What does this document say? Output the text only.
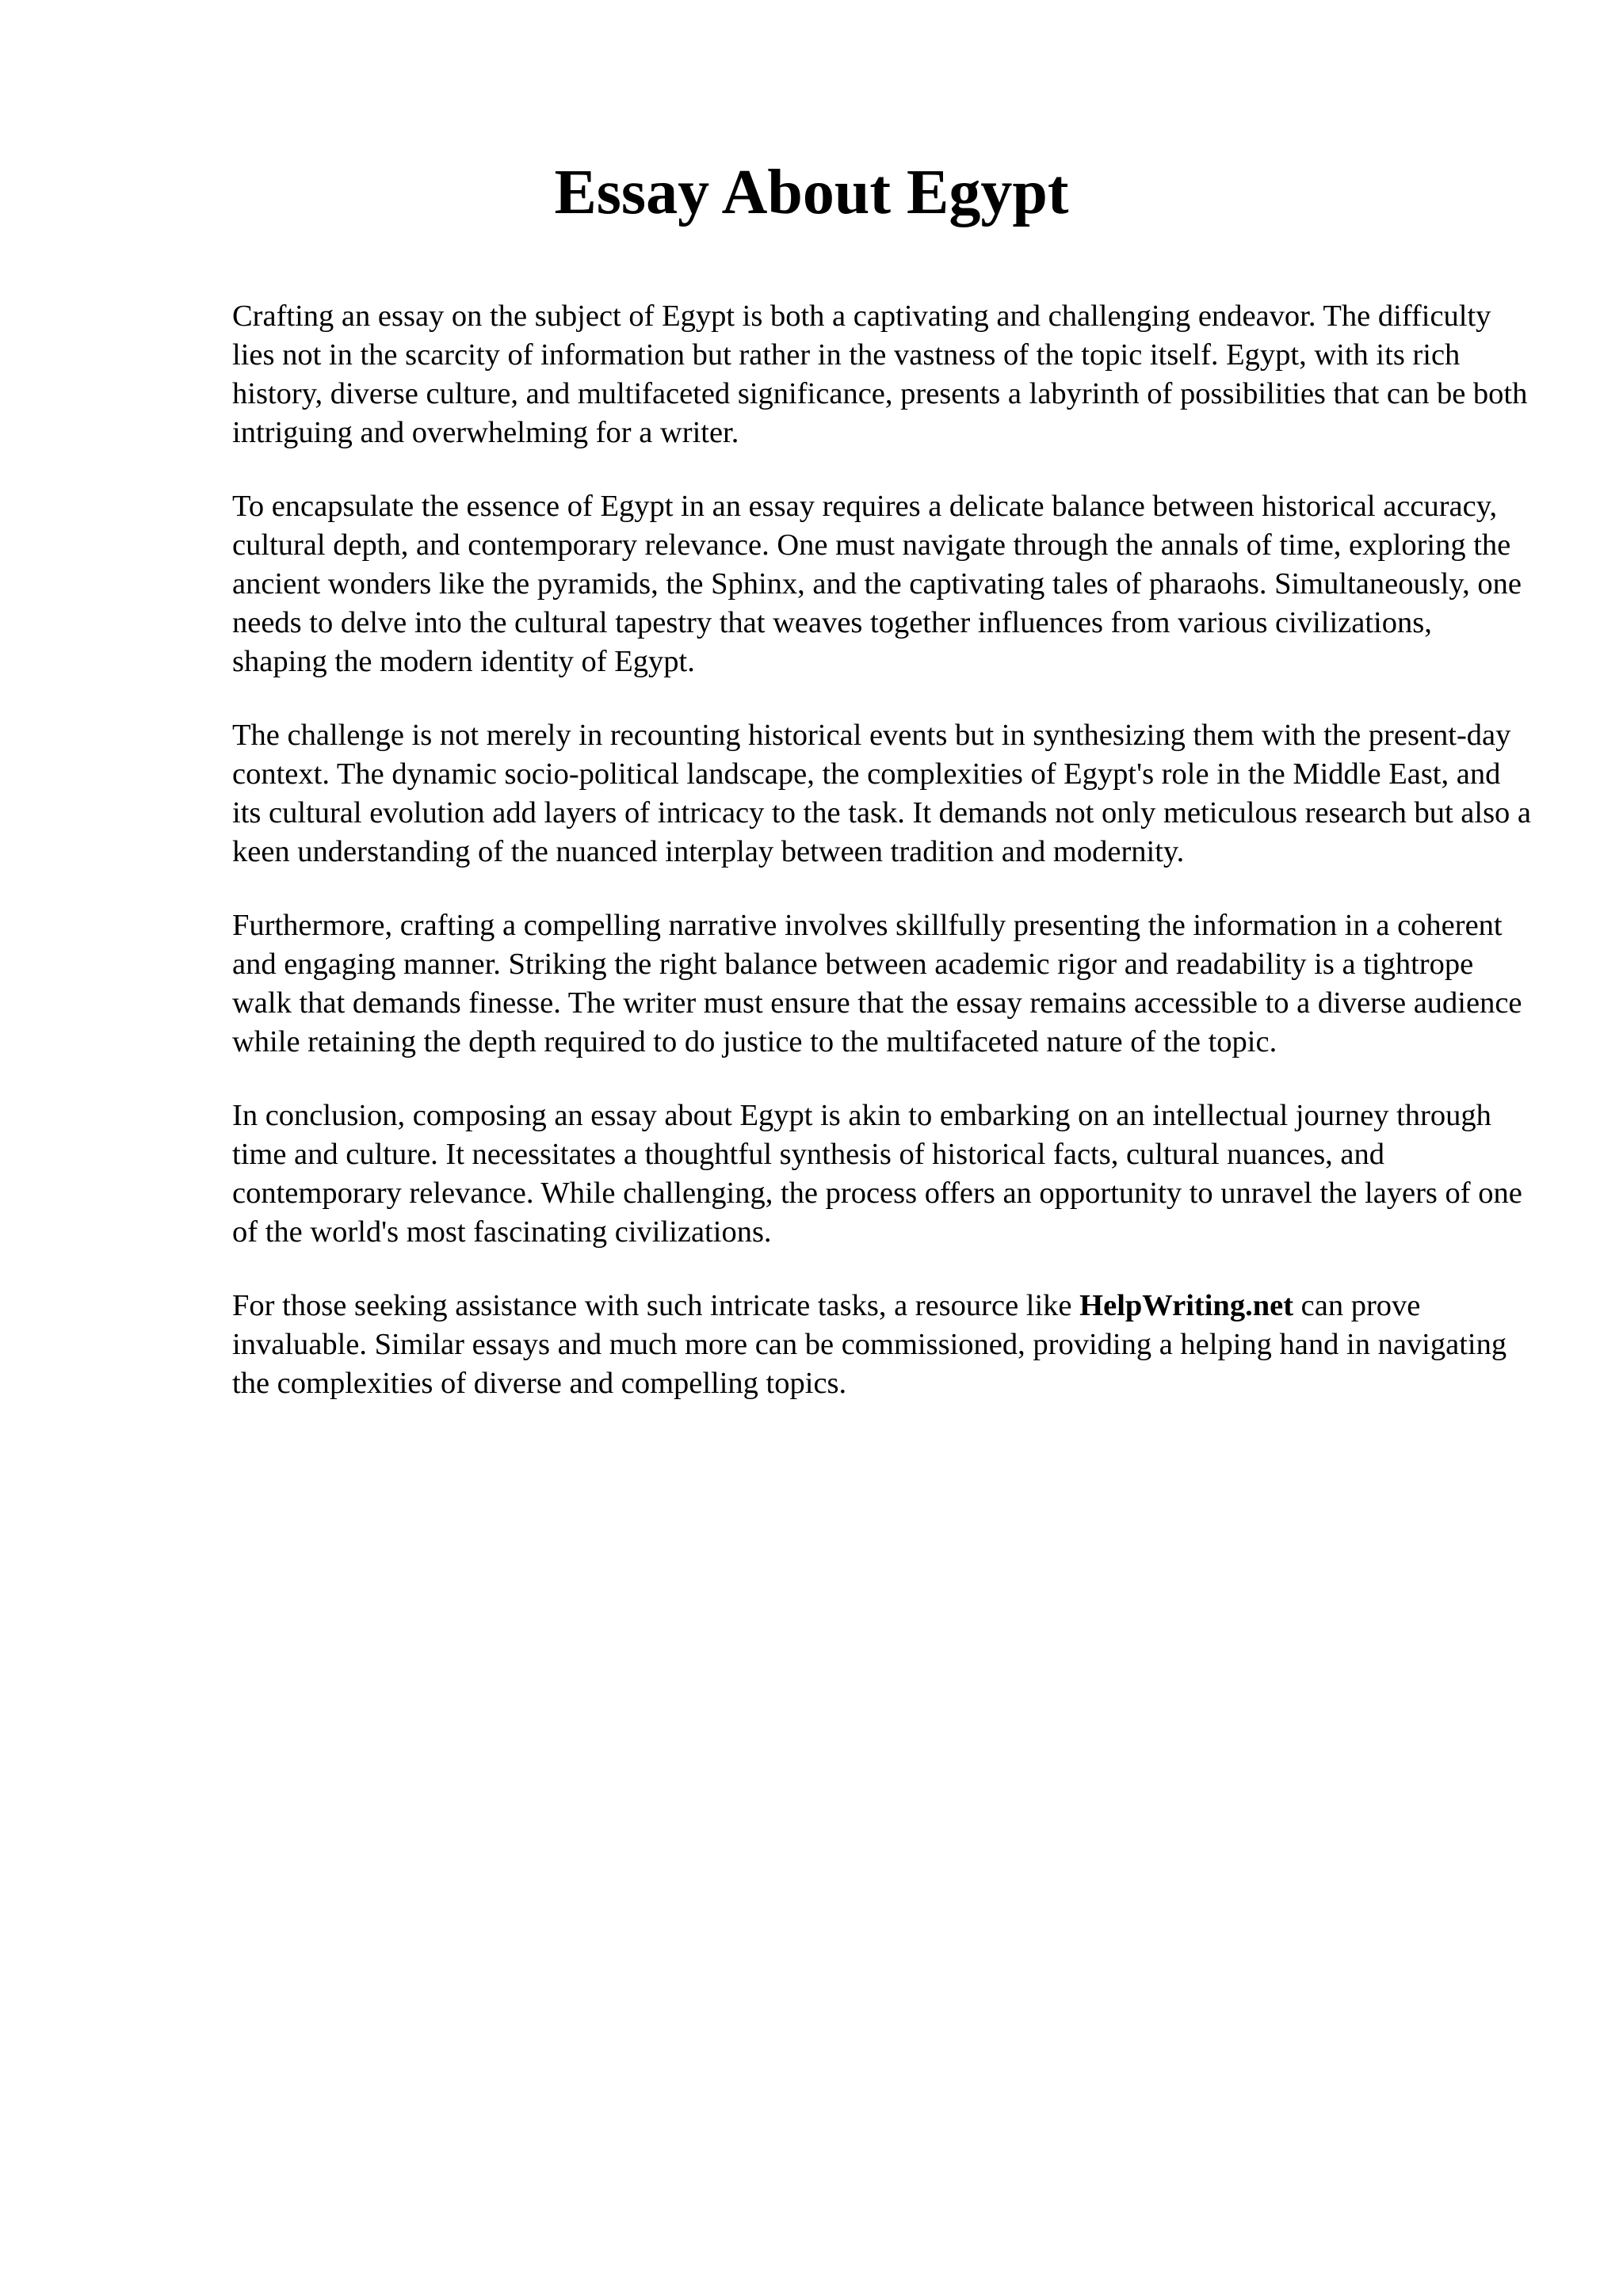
Essay About Egypt

Crafting an essay on the subject of Egypt is both a captivating and challenging endeavor. The difficulty lies not in the scarcity of information but rather in the vastness of the topic itself. Egypt, with its rich history, diverse culture, and multifaceted significance, presents a labyrinth of possibilities that can be both intriguing and overwhelming for a writer.

To encapsulate the essence of Egypt in an essay requires a delicate balance between historical accuracy, cultural depth, and contemporary relevance. One must navigate through the annals of time, exploring the ancient wonders like the pyramids, the Sphinx, and the captivating tales of pharaohs. Simultaneously, one needs to delve into the cultural tapestry that weaves together influences from various civilizations, shaping the modern identity of Egypt.

The challenge is not merely in recounting historical events but in synthesizing them with the present-day context. The dynamic socio-political landscape, the complexities of Egypt's role in the Middle East, and its cultural evolution add layers of intricacy to the task. It demands not only meticulous research but also a keen understanding of the nuanced interplay between tradition and modernity.

Furthermore, crafting a compelling narrative involves skillfully presenting the information in a coherent and engaging manner. Striking the right balance between academic rigor and readability is a tightrope walk that demands finesse. The writer must ensure that the essay remains accessible to a diverse audience while retaining the depth required to do justice to the multifaceted nature of the topic.

In conclusion, composing an essay about Egypt is akin to embarking on an intellectual journey through time and culture. It necessitates a thoughtful synthesis of historical facts, cultural nuances, and contemporary relevance. While challenging, the process offers an opportunity to unravel the layers of one of the world's most fascinating civilizations.

For those seeking assistance with such intricate tasks, a resource like HelpWriting.net can prove invaluable. Similar essays and much more can be commissioned, providing a helping hand in navigating the complexities of diverse and compelling topics.
